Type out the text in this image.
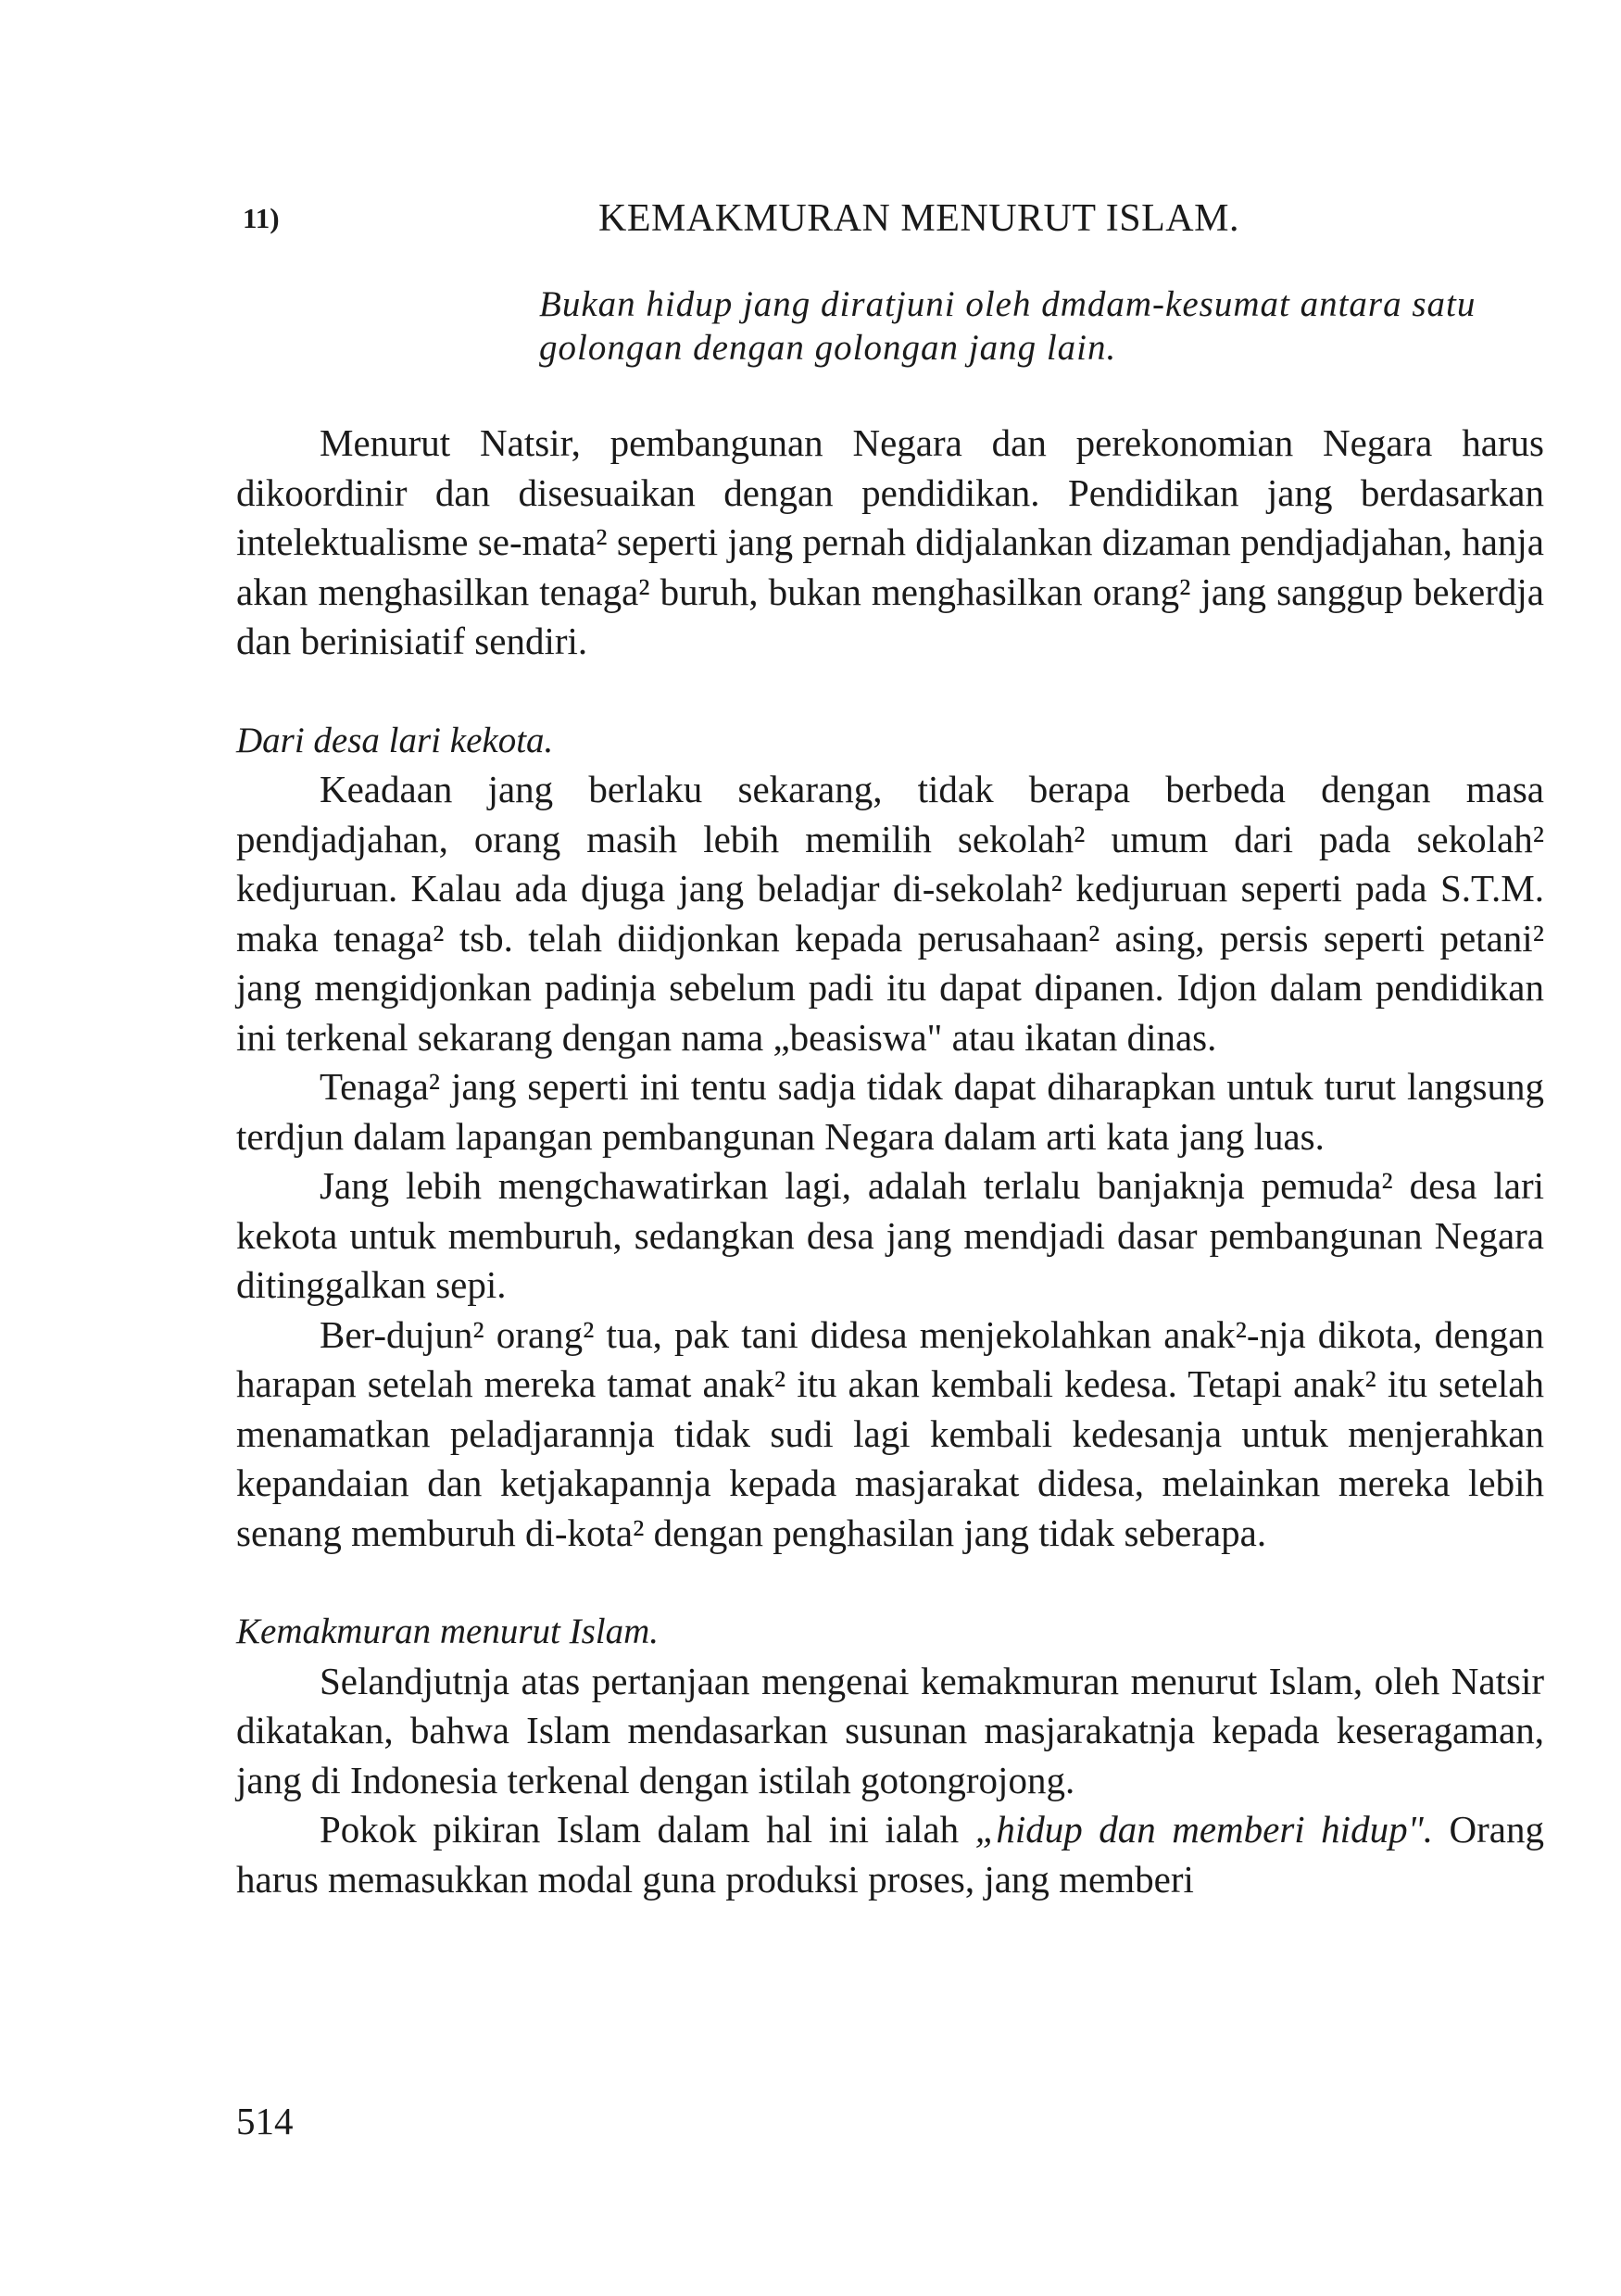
11)	KEMAKMURAN MENURUT ISLAM.
Bukan hidup jang diratjuni oleh dmdam-kesumat antara satu
golongan dengan golongan jang lain.

Menurut Natsir, pembangunan Negara dan perekonomian Negara harus dikoordinir dan disesuaikan dengan pendidikan. Pendidikan jang berdasarkan intelektualisme se-mata² seperti jang pernah didjalankan dizaman pendjadjahan, hanja akan menghasilkan tenaga² buruh, bukan menghasilkan orang² jang sanggup bekerdja dan berinisiatif sendiri.

Dari desa lari kekota.

Keadaan jang berlaku sekarang, tidak berapa berbeda dengan masa pendjadjahan, orang masih lebih memilih sekolah² umum dari pada sekolah² kedjuruan. Kalau ada djuga jang beladjar di-sekolah² kedjuruan seperti pada S.T.M. maka tenaga² tsb. telah diidjonkan kepada perusahaan² asing, persis seperti petani² jang mengidjonkan padinja sebelum padi itu dapat dipanen. Idjon dalam pendidikan ini terkenal sekarang dengan nama „beasiswa" atau ikatan dinas.

Tenaga² jang seperti ini tentu sadja tidak dapat diharapkan untuk turut langsung terdjun dalam lapangan pembangunan Negara dalam arti kata jang luas.

Jang lebih mengchawatirkan lagi, adalah terlalu banjaknja pemuda² desa lari kekota untuk memburuh, sedangkan desa jang mendjadi dasar pembangunan Negara ditinggalkan sepi.

Ber-dujun² orang² tua, pak tani didesa menjekolahkan anak²-nja dikota, dengan harapan setelah mereka tamat anak² itu akan kembali kedesa. Tetapi anak² itu setelah menamatkan peladjarannja tidak sudi lagi kembali kedesanja untuk menjerahkan kepandaian dan ketjakapannja kepada masjarakat didesa, melainkan mereka lebih senang memburuh di-kota² dengan penghasilan jang tidak seberapa.

Kemakmuran menurut Islam.

Selandjutnja atas pertanjaan mengenai kemakmuran menurut Islam, oleh Natsir dikatakan, bahwa Islam mendasarkan susunan masjarakatnja kepada keseragaman, jang di Indonesia terkenal dengan istilah gotongrojong.

Pokok pikiran Islam dalam hal ini ialah „hidup dan memberi hidup". Orang harus memasukkan modal guna produksi proses, jang memberi

514
